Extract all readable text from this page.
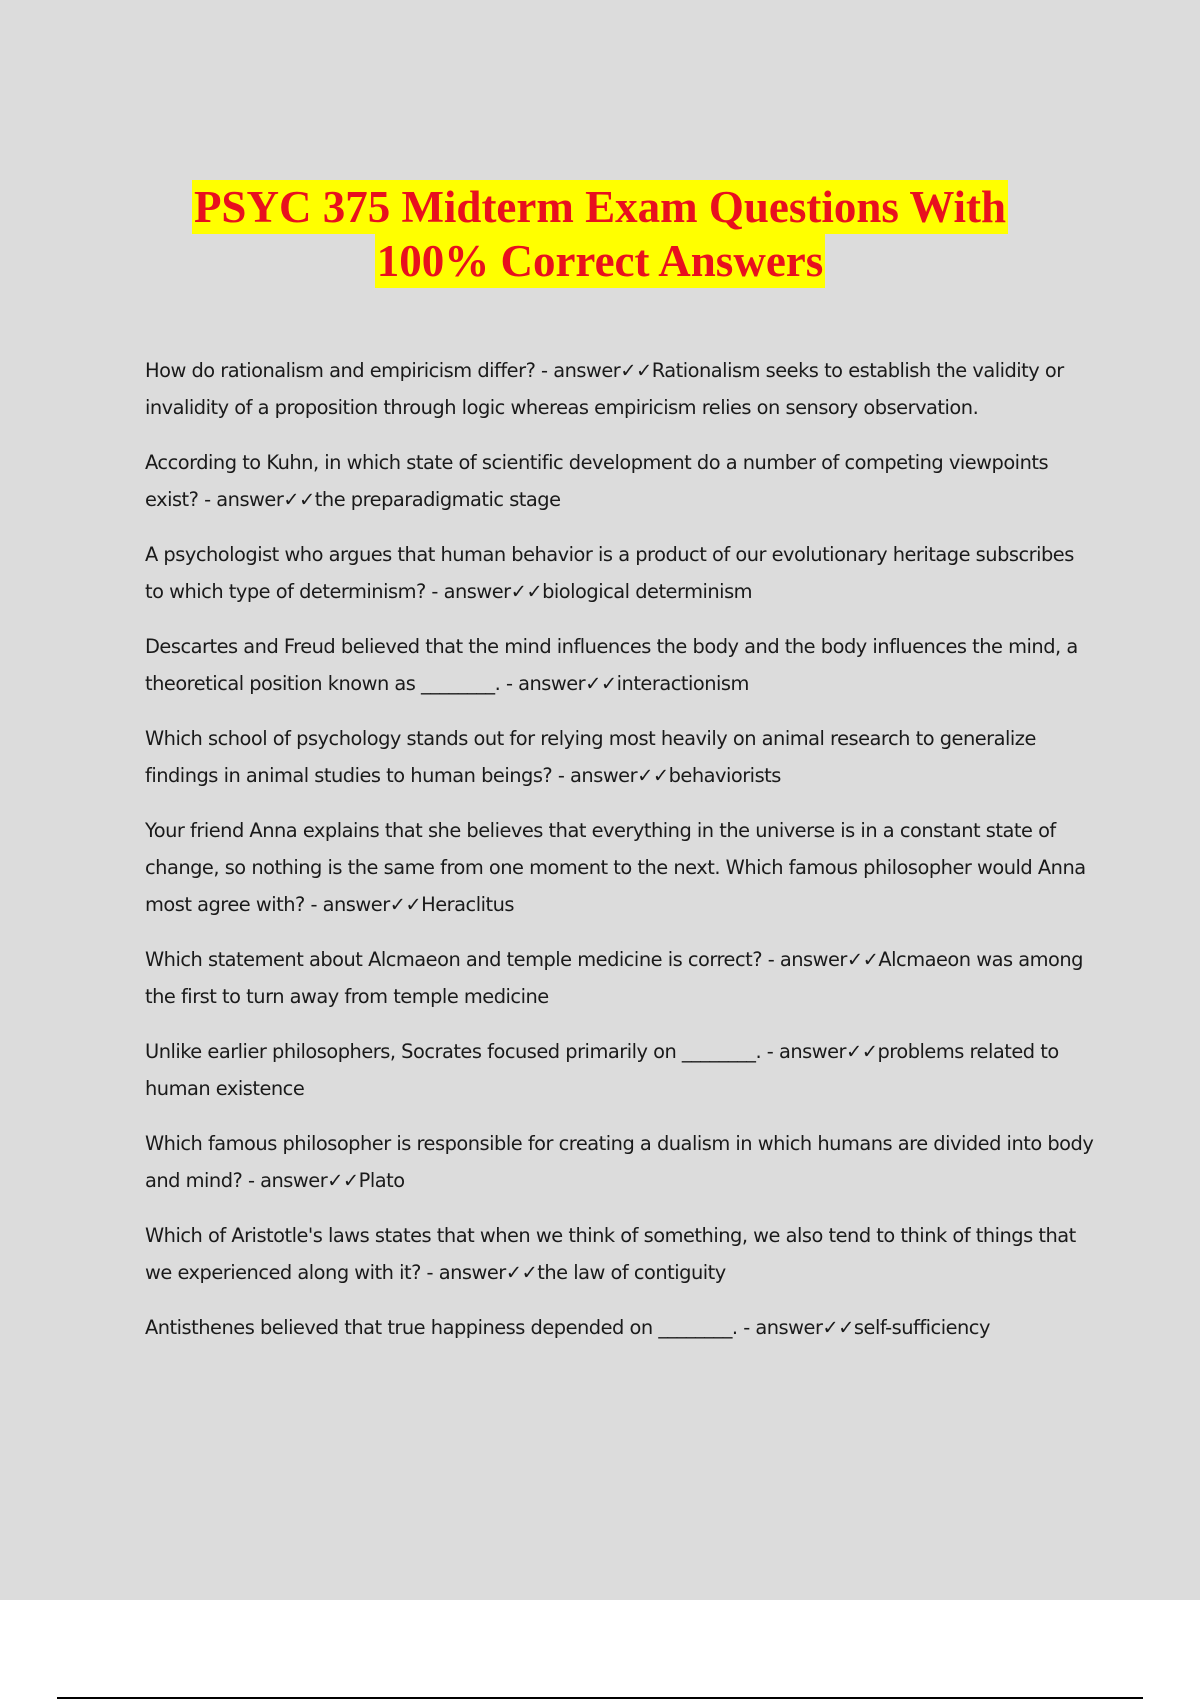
PSYC 375 Midterm Exam Questions With
100% Correct Answers

How do rationalism and empiricism differ? - answer✓✓Rationalism seeks to establish the validity or invalidity of a proposition through logic whereas empiricism relies on sensory observation.

According to Kuhn, in which state of scientific development do a number of competing viewpoints exist? - answer✓✓the preparadigmatic stage

A psychologist who argues that human behavior is a product of our evolutionary heritage subscribes to which type of determinism? - answer✓✓biological determinism

Descartes and Freud believed that the mind influences the body and the body influences the mind, a theoretical position known as ________. - answer✓✓interactionism

Which school of psychology stands out for relying most heavily on animal research to generalize findings in animal studies to human beings? - answer✓✓behaviorists

Your friend Anna explains that she believes that everything in the universe is in a constant state of change, so nothing is the same from one moment to the next. Which famous philosopher would Anna most agree with? - answer✓✓Heraclitus

Which statement about Alcmaeon and temple medicine is correct? - answer✓✓Alcmaeon was among the first to turn away from temple medicine

Unlike earlier philosophers, Socrates focused primarily on ________. - answer✓✓problems related to human existence

Which famous philosopher is responsible for creating a dualism in which humans are divided into body and mind? - answer✓✓Plato

Which of Aristotle's laws states that when we think of something, we also tend to think of things that we experienced along with it? - answer✓✓the law of contiguity

Antisthenes believed that true happiness depended on ________. - answer✓✓self-sufficiency
